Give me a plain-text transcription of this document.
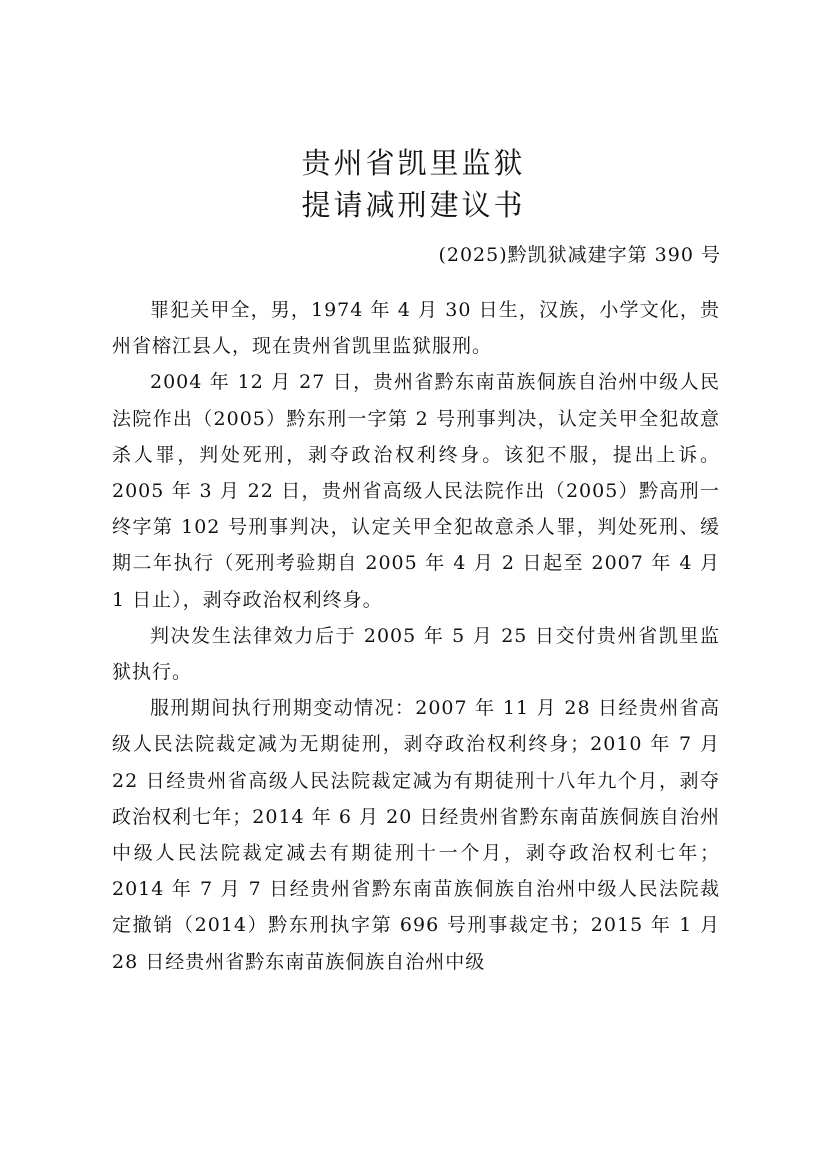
贵州省凯里监狱
提请减刑建议书
(2025)黔凯狱减建字第 390 号

罪犯关甲全，男，1974 年 4 月 30 日生，汉族，小学文化，贵州省榕江县人，现在贵州省凯里监狱服刑。

2004 年 12 月 27 日，贵州省黔东南苗族侗族自治州中级人民法院作出（2005）黔东刑一字第 2 号刑事判决，认定关甲全犯故意杀人罪，判处死刑，剥夺政治权利终身。该犯不服，提出上诉。2005 年 3 月 22 日，贵州省高级人民法院作出（2005）黔高刑一终字第 102 号刑事判决，认定关甲全犯故意杀人罪，判处死刑、缓期二年执行（死刑考验期自 2005 年 4 月 2 日起至 2007 年 4 月 1 日止），剥夺政治权利终身。

判决发生法律效力后于 2005 年 5 月 25 日交付贵州省凯里监狱执行。

服刑期间执行刑期变动情况：2007 年 11 月 28 日经贵州省高级人民法院裁定减为无期徒刑，剥夺政治权利终身；2010 年 7 月 22 日经贵州省高级人民法院裁定减为有期徒刑十八年九个月，剥夺政治权利七年；2014 年 6 月 20 日经贵州省黔东南苗族侗族自治州中级人民法院裁定减去有期徒刑十一个月，剥夺政治权利七年；2014 年 7 月 7 日经贵州省黔东南苗族侗族自治州中级人民法院裁定撤销（2014）黔东刑执字第 696 号刑事裁定书；2015 年 1 月 28 日经贵州省黔东南苗族侗族自治州中级
